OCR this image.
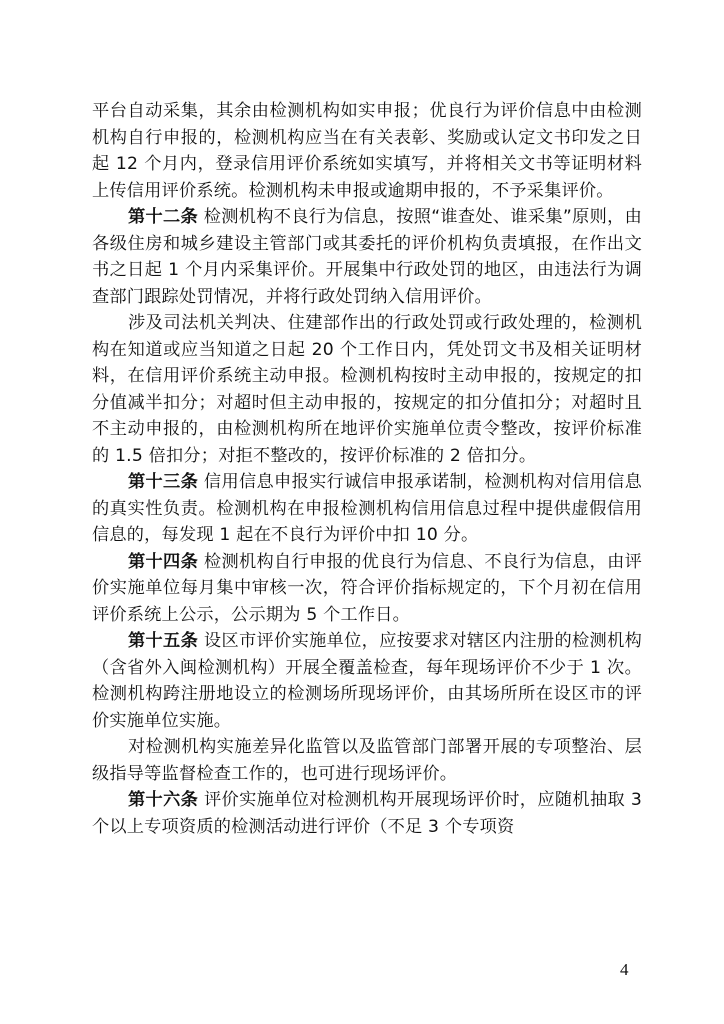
平台自动采集，其余由检测机构如实申报；优良行为评价信息中由检测机构自行申报的，检测机构应当在有关表彰、奖励或认定文书印发之日起 12 个月内，登录信用评价系统如实填写，并将相关文书等证明材料上传信用评价系统。检测机构未申报或逾期申报的，不予采集评价。

第十二条 检测机构不良行为信息，按照“谁查处、谁采集”原则，由各级住房和城乡建设主管部门或其委托的评价机构负责填报，在作出文书之日起 1 个月内采集评价。开展集中行政处罚的地区，由违法行为调查部门跟踪处罚情况，并将行政处罚纳入信用评价。

涉及司法机关判决、住建部作出的行政处罚或行政处理的，检测机构在知道或应当知道之日起 20 个工作日内，凭处罚文书及相关证明材料，在信用评价系统主动申报。检测机构按时主动申报的，按规定的扣分值减半扣分；对超时但主动申报的，按规定的扣分值扣分；对超时且不主动申报的，由检测机构所在地评价实施单位责令整改，按评价标准的 1.5 倍扣分；对拒不整改的，按评价标准的 2 倍扣分。

第十三条 信用信息申报实行诚信申报承诺制，检测机构对信用信息的真实性负责。检测机构在申报检测机构信用信息过程中提供虚假信用信息的，每发现 1 起在不良行为评价中扣 10 分。

第十四条 检测机构自行申报的优良行为信息、不良行为信息，由评价实施单位每月集中审核一次，符合评价指标规定的，下个月初在信用评价系统上公示，公示期为 5 个工作日。

第十五条 设区市评价实施单位，应按要求对辖区内注册的检测机构（含省外入闽检测机构）开展全覆盖检查，每年现场评价不少于 1 次。检测机构跨注册地设立的检测场所现场评价，由其场所所在设区市的评价实施单位实施。

对检测机构实施差异化监管以及监管部门部署开展的专项整治、层级指导等监督检查工作的，也可进行现场评价。

第十六条 评价实施单位对检测机构开展现场评价时，应随机抽取 3 个以上专项资质的检测活动进行评价（不足 3 个专项资

4
